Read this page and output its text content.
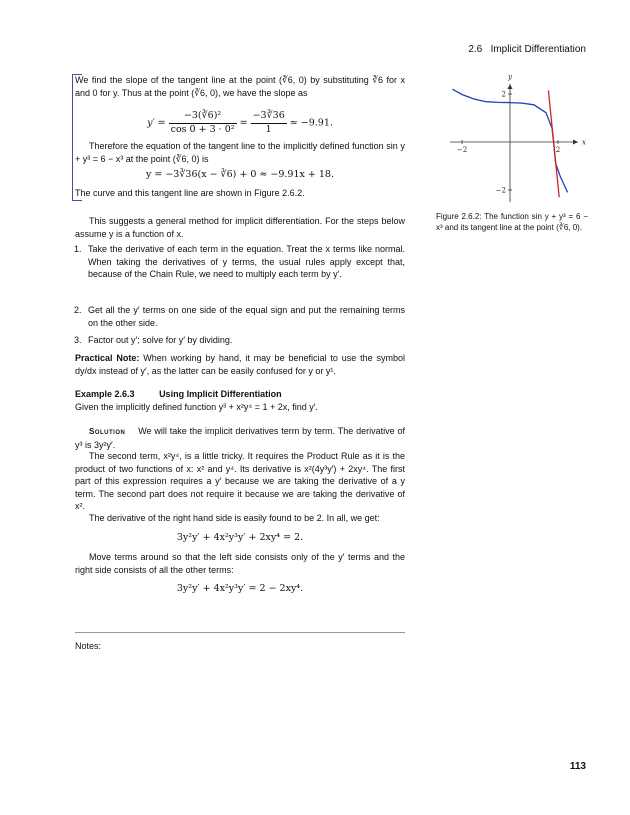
2.6 Implicit Differentiation

We find the slope of the tangent line at the point (∛6, 0) by substituting ∛6 for x and 0 for y. Thus at the point (∛6, 0), we have the slope as

$y' = \frac{\text{−3(∛6)²}}{\text{cos 0 + 3 · 0²}} = \frac{-3∛36}{1} \approx -9.91$.

Therefore the equation of the tangent line to the implicitly defined function sin y + y³ = 6 − x³ at the point (∛6, 0) is

y = −3∛36(x − ∛6) + 0 ≈ −9.91x + 18.

The curve and this tangent line are shown in Figure 2.6.2.

This suggests a general method for implicit differentiation. For the steps below assume y is a function of x.

1. Take the derivative of each term in the equation. Treat the x terms like normal. When taking the derivatives of y terms, the usual rules apply except that, because of the Chain Rule, we need to multiply each term by y′.
2. Get all the y′ terms on one side of the equal sign and put the remaining terms on the other side.
3. Factor out y′; solve for y′ by dividing.

Practical Note: When working by hand, it may be beneficial to use the symbol dy/dx instead of y′, as the latter can be easily confused for y or y¹.

Example 2.6.3	Using Implicit Differentiation

Given the implicitly defined function y³ + x²y⁴ = 1 + 2x, find y′.

Solution We will take the implicit derivatives term by term. The derivative of y³ is 3y²y′.

The second term, x²y⁴, is a little tricky. It requires the Product Rule as it is the product of two functions of x: x² and y⁴. Its derivative is x²(4y³y′) + 2xy⁴. The first part of this expression requires a y′ because we are taking the derivative of a y term. The second part does not require it because we are taking the derivative of x².

The derivative of the right hand side is easily found to be 2. In all, we get:

3y²y′ + 4x²y³y′ + 2xy⁴ = 2.

Move terms around so that the left side consists only of the y′ terms and the right side consists of all the other terms:

3y²y′ + 4x²y³y′ = 2 − 2xy⁴.
Notes:
−2	2
2
−2
x
y
Figure 2.6.2: The function sin y + y³ = 6 − x³ and its tangent line at the point (∛6, 0).
113
